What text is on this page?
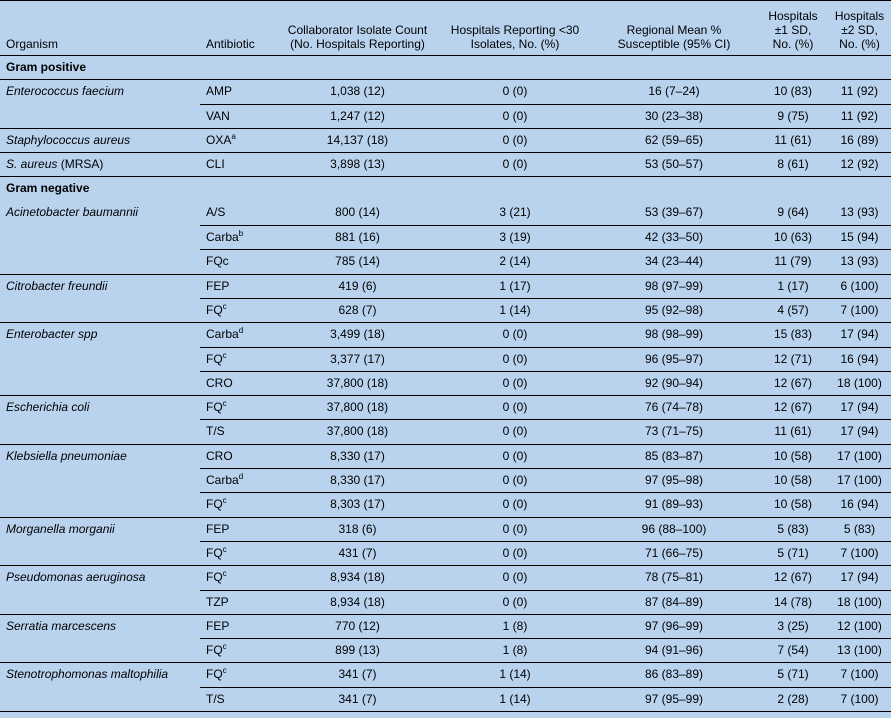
Organism	Antibiotic	Collaborator Isolate Count (No. Hospitals Reporting)	Hospitals Reporting <30 Isolates, No. (%)	Regional Mean % Susceptible (95% CI)	Hospitals ±1 SD, No. (%)	Hospitals ±2 SD, No. (%)
Gram positive						
Enterococcus faecium	AMP	1,038 (12)	0 (0)	16 (7–24)	10 (83)	11 (92)
	VAN	1,247 (12)	0 (0)	30 (23–38)	9 (75)	11 (92)
Staphylococcus aureus	OXA$^a$	14,137 (18)	0 (0)	62 (59–65)	11 (61)	16 (89)
S. aureus (MRSA)	CLI	3,898 (13)	0 (0)	53 (50–57)	8 (61)	12 (92)
Gram negative						
Acinetobacter baumannii	A/S	800 (14)	3 (21)	53 (39–67)	9 (64)	13 (93)
	Carba$^b$	881 (16)	3 (19)	42 (33–50)	10 (63)	15 (94)
	FQc	785 (14)	2 (14)	34 (23–44)	11 (79)	13 (93)
Citrobacter freundii	FEP	419 (6)	1 (17)	98 (97–99)	1 (17)	6 (100)
	$FQ^c$	628 (7)	1 (14)	95 (92–98)	4 (57)	7 (100)
Enterobacter spp	Carba$^d$	3,499 (18)	0 (0)	98 (98–99)	15 (83)	17 (94)
	$FQ^c$	3,377 (17)	0 (0)	96 (95–97)	12 (71)	16 (94)
	CRO	37,800 (18)	0 (0)	92 (90–94)	12 (67)	18 (100)
Escherichia coli	$FQ^c$	37,800 (18)	0 (0)	76 (74–78)	12 (67)	17 (94)
	T/S	37,800 (18)	0 (0)	73 (71–75)	11 (61)	17 (94)
Klebsiella pneumoniae	CRO	8,330 (17)	0 (0)	85 (83–87)	10 (58)	17 (100)
	Carba$^d$	8,330 (17)	0 (0)	97 (95–98)	10 (58)	17 (100)
	$FQ^c$	8,303 (17)	0 (0)	91 (89–93)	10 (58)	16 (94)
Morganella morganii	FEP	318 (6)	0 (0)	96 (88–100)	5 (83)	5 (83)
	$FQ^c$	431 (7)	0 (0)	71 (66–75)	5 (71)	7 (100)
Pseudomonas aeruginosa	$FQ^c$	8,934 (18)	0 (0)	78 (75–81)	12 (67)	17 (94)
	TZP	8,934 (18)	0 (0)	87 (84–89)	14 (78)	18 (100)
Serratia marcescens	FEP	770 (12)	1 (8)	97 (96–99)	3 (25)	12 (100)
	$FQ^c$	899 (13)	1 (8)	94 (91–96)	7 (54)	13 (100)
Stenotrophomonas maltophilia	$FQ^c$	341 (7)	1 (14)	86 (83–89)	5 (71)	7 (100)
	T/S	341 (7)	1 (14)	97 (95–99)	2 (28)	7 (100)
